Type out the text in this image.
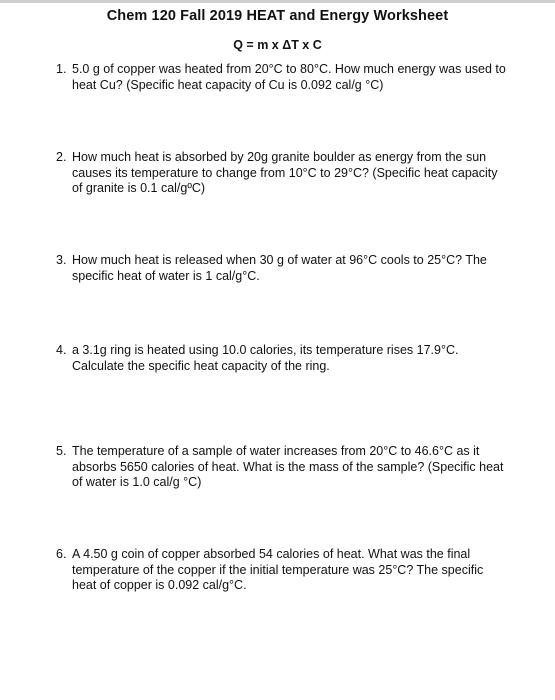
Chem 120 Fall 2019 HEAT and Energy Worksheet
Q = m x ΔT x C
1. 5.0 g of copper was heated from 20°C to 80°C. How much energy was used to
heat Cu? (Specific heat capacity of Cu is 0.092 cal/g °C)
2. How much heat is absorbed by 20g granite boulder as energy from the sun
causes its temperature to change from 10°C to 29°C? (Specific heat capacity
of granite is 0.1 cal/gºC)
3. How much heat is released when 30 g of water at 96°C cools to 25°C? The
specific heat of water is 1 cal/g°C.
4. a 3.1g ring is heated using 10.0 calories, its temperature rises 17.9°C.
Calculate the specific heat capacity of the ring.
5. The temperature of a sample of water increases from 20°C to 46.6°C as it
absorbs 5650 calories of heat. What is the mass of the sample? (Specific heat
of water is 1.0 cal/g °C)
6. A 4.50 g coin of copper absorbed 54 calories of heat. What was the final
temperature of the copper if the initial temperature was 25°C? The specific
heat of copper is 0.092 cal/g°C.
